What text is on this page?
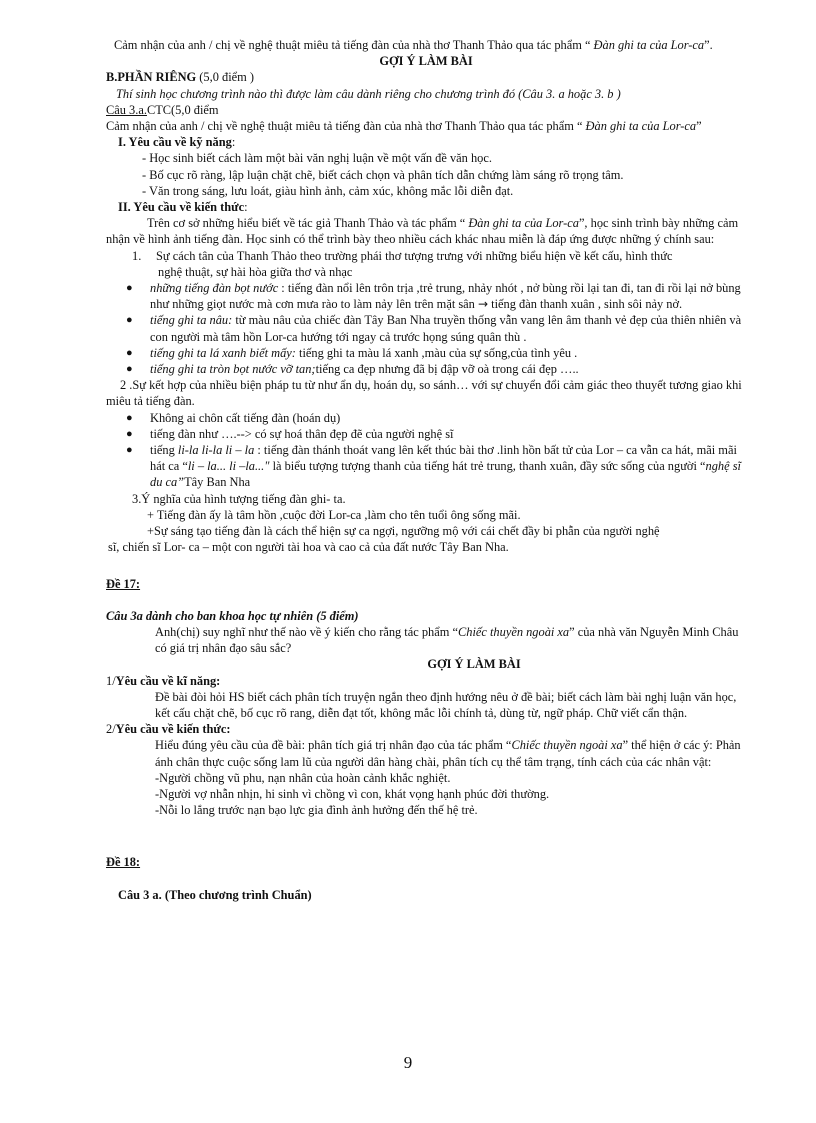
Cảm nhận của anh / chị về nghệ thuật miêu tả tiếng đàn của nhà thơ Thanh Thảo qua tác phẩm “ Đàn ghi ta của Lor-ca”.

GỢI Ý LÀM BÀI

B.PHẦN RIÊNG (5,0 điểm )

Thí sinh học chương trình nào thì được làm câu dành riêng cho chương trình đó (Câu 3. a hoặc 3. b )

Câu 3.a.CTC(5,0 điểm

Cảm nhận của anh / chị về nghệ thuật miêu tả tiếng đàn của nhà thơ Thanh Thảo qua tác phẩm “ Đàn ghi ta của Lor-ca”

I. Yêu cầu về kỹ năng:

- Học sinh biết cách làm một bài văn nghị luận về một vấn đề văn học.

- Bố cục rõ ràng, lập luận chặt chẽ, biết cách chọn và phân tích dẫn chứng làm sáng rõ trọng tâm.

- Văn trong sáng, lưu loát, giàu hình ảnh, cảm xúc, không mắc lỗi diễn đạt.

II. Yêu cầu về kiến thức:

Trên cơ sở những hiểu biết về tác giả Thanh Thảo và tác phẩm “ Đàn ghi ta của Lor-ca”, học sinh trình bày những cảm nhận về hình ảnh tiếng đàn. Học sinh có thể trình bày theo nhiều cách khác nhau miễn là đáp ứng được những ý chính sau:

1.	Sự cách tân của Thanh Thảo theo trường phái thơ tượng trưng với những biểu hiện về kết cấu, hình thức
nghệ thuật, sự hài hòa giữa thơ và nhạc
●	những tiếng đàn bọt nước : tiếng đàn nổi lên trôn trịa ,trẻ trung, nhảy nhót , nở bùng rồi lại tan đi, tan đi rồi lại nở bùng như những giọt nước mà cơn mưa rào to làm nảy lên trên mặt sân → tiếng đàn thanh xuân , sinh sôi nảy nở.
●	tiếng ghi ta nâu: từ màu nâu của chiếc đàn Tây Ban Nha truyền thống vẫn vang lên âm thanh vẻ đẹp của thiên nhiên và con người mà tâm hồn Lor-ca hướng tới ngay cả trước họng súng quân thù .
●	tiếng ghi ta lá xanh biết mấy: tiếng ghi ta màu lá xanh ,màu của sự sống,của tình yêu .
●	tiếng ghi ta tròn bọt nước vỡ tan;tiếng ca đẹp nhưng đã bị đập vỡ oà trong cái đẹp …..

2 .Sự kết hợp của nhiều biện pháp tu từ như ẩn dụ, hoán dụ, so sánh… với sự chuyển đổi cảm giác theo thuyết tương giao khi miêu tả tiếng đàn.

●	Không ai chôn cất tiếng đàn (hoán dụ)
●	tiếng đàn như ….--> có sự hoá thân đẹp đẽ của người nghệ sĩ
●	tiếng li-la li-la li – la : tiếng đàn thánh thoát vang lên kết thúc bài thơ .linh hồn bất tử của Lor – ca vẫn ca hát, mãi mãi hát ca “li – la... li –la..." là biểu tượng tượng thanh của tiếng hát trẻ trung, thanh xuân, đầy sức sống của người “nghệ sĩ du ca”Tây Ban Nha

3.Ý nghĩa của hình tượng tiếng đàn ghi- ta.

+ Tiếng đàn ấy là tâm hồn ,cuộc đời Lor-ca ,làm cho tên tuổi ông sống mãi.

+Sự sáng tạo tiếng đàn là cách thể hiện sự ca ngợi, ngưỡng mộ với cái chết đầy bi phẫn của người nghệ

sĩ, chiến sĩ Lor- ca – một con người tài hoa và cao cả của đất nước Tây Ban Nha.

Đề 17:

Câu 3a dành cho ban khoa học tự nhiên (5 điểm)

Anh(chị) suy nghĩ như thế nào về ý kiến cho rằng tác phẩm “Chiếc thuyền ngoài xa” của nhà văn Nguyễn Minh Châu có giá trị nhân đạo sâu sắc?

GỢI Ý LÀM BÀI

1/Yêu cầu về kĩ năng:

Đề bài đòi hỏi HS biết cách phân tích truyện ngắn theo định hướng nêu ở đề bài; biết cách làm bài nghị luận văn học, kết cấu chặt chẽ, bố cục rõ rang, diễn đạt tốt, không mắc lỗi chính tả, dùng từ, ngữ pháp. Chữ viết cẩn thận.

2/Yêu cầu về kiến thức:

Hiểu đúng yêu cầu của đề bài: phân tích giá trị nhân đạo của tác phẩm “Chiếc thuyền ngoài xa” thể hiện ở các ý: Phản ánh chân thực cuộc sống lam lũ của người dân hàng chài, phân tích cụ thể tâm trạng, tính cách của các nhân vật:

-Người chồng vũ phu, nạn nhân của hoàn cảnh khắc nghiệt.

-Người vợ nhẫn nhịn, hi sinh vì chồng vì con, khát vọng hạnh phúc đời thường.

-Nỗi lo lắng trước nạn bạo lực gia đình ảnh hưởng đến thế hệ trẻ.

Đề 18:

Câu 3 a. (Theo chương trình Chuẩn)

9
